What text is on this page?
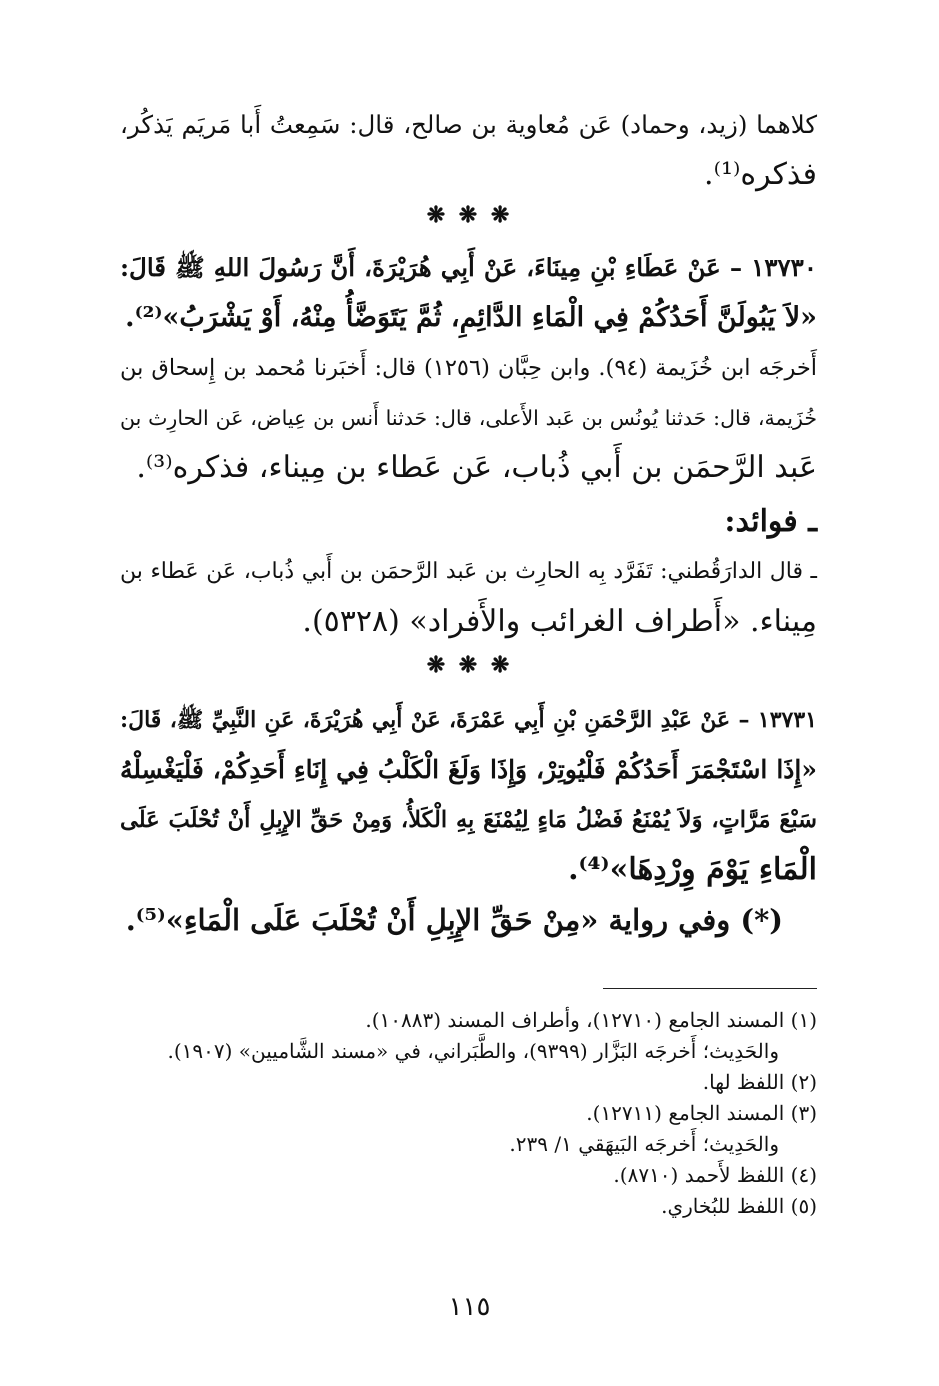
كلاهما (زيد، وحماد) عَن مُعاوية بن صالح، قال: سَمِعتُ أَبا مَريَم يَذكُر،
فذكره⁽¹⁾.
❋ ❋ ❋
١٣٧٣٠ – عَنْ عَطَاءِ بْنِ مِينَاءَ، عَنْ أَبِي هُرَيْرَةَ، أَنَّ رَسُولَ اللهِ ﷺ قَالَ:
«لاَ يَبُولَنَّ أَحَدُكُمْ فِي الْمَاءِ الدَّائِمِ، ثُمَّ يَتَوَضَّأُ مِنْهُ، أَوْ يَشْرَبُ»⁽²⁾.
أَخرجَه ابن خُزَيمة (٩٤). وابن حِبَّان (١٢٥٦) قال: أَخبَرنا مُحمد بن إِسحاق بن
خُزَيمة، قال: حَدثنا يُونُس بن عَبد الأَعلى، قال: حَدثنا أَنس بن عِياض، عَن الحارِث بن
عَبد الرَّحمَن بن أَبي ذُباب، عَن عَطاء بن مِيناء، فذكره⁽³⁾.
ـ فوائد:
ـ قال الدارَقُطني: تَفَرَّد بِه الحارِث بن عَبد الرَّحمَن بن أَبي ذُباب، عَن عَطاء بن
مِيناء. «أَطراف الغرائب والأَفراد» (٥٣٢٨).
❋ ❋ ❋
١٣٧٣١ – عَنْ عَبْدِ الرَّحْمَنِ بْنِ أَبِي عَمْرَةَ، عَنْ أَبِي هُرَيْرَةَ، عَنِ النَّبِيِّ ﷺ، قَالَ:
«إِذَا اسْتَجْمَرَ أَحَدُكُمْ فَلْيُوتِرْ، وَإِذَا وَلَغَ الْكَلْبُ فِي إِنَاءِ أَحَدِكُمْ، فَلْيَغْسِلْهُ
سَبْعَ مَرَّاتٍ، وَلاَ يُمْنَعُ فَضْلُ مَاءٍ لِيُمْنَعَ بِهِ الْكَلأُ، وَمِنْ حَقِّ الإِبِلِ أَنْ تُحْلَبَ عَلَى
الْمَاءِ يَوْمَ وِرْدِهَا»⁽⁴⁾.
(*) وفي رواية «مِنْ حَقِّ الإِبِلِ أَنْ تُحْلَبَ عَلَى الْمَاءِ»⁽⁵⁾.
(١) المسند الجامع (١٢٧١٠)، وأطراف المسند (١٠٨٨٣).
والحَدِيث؛ أَخرجَه البَزَّار (٩٣٩٩)، والطَّبَراني، في «مسند الشَّاميين» (١٩٠٧).
(٢) اللفظ لها.
(٣) المسند الجامع (١٢٧١١).
والحَدِيث؛ أَخرجَه البَيهَقي ١/ ٢٣٩.
(٤) اللفظ لأَحمد (٨٧١٠).
(٥) اللفظ للبُخاري.
١١٥
